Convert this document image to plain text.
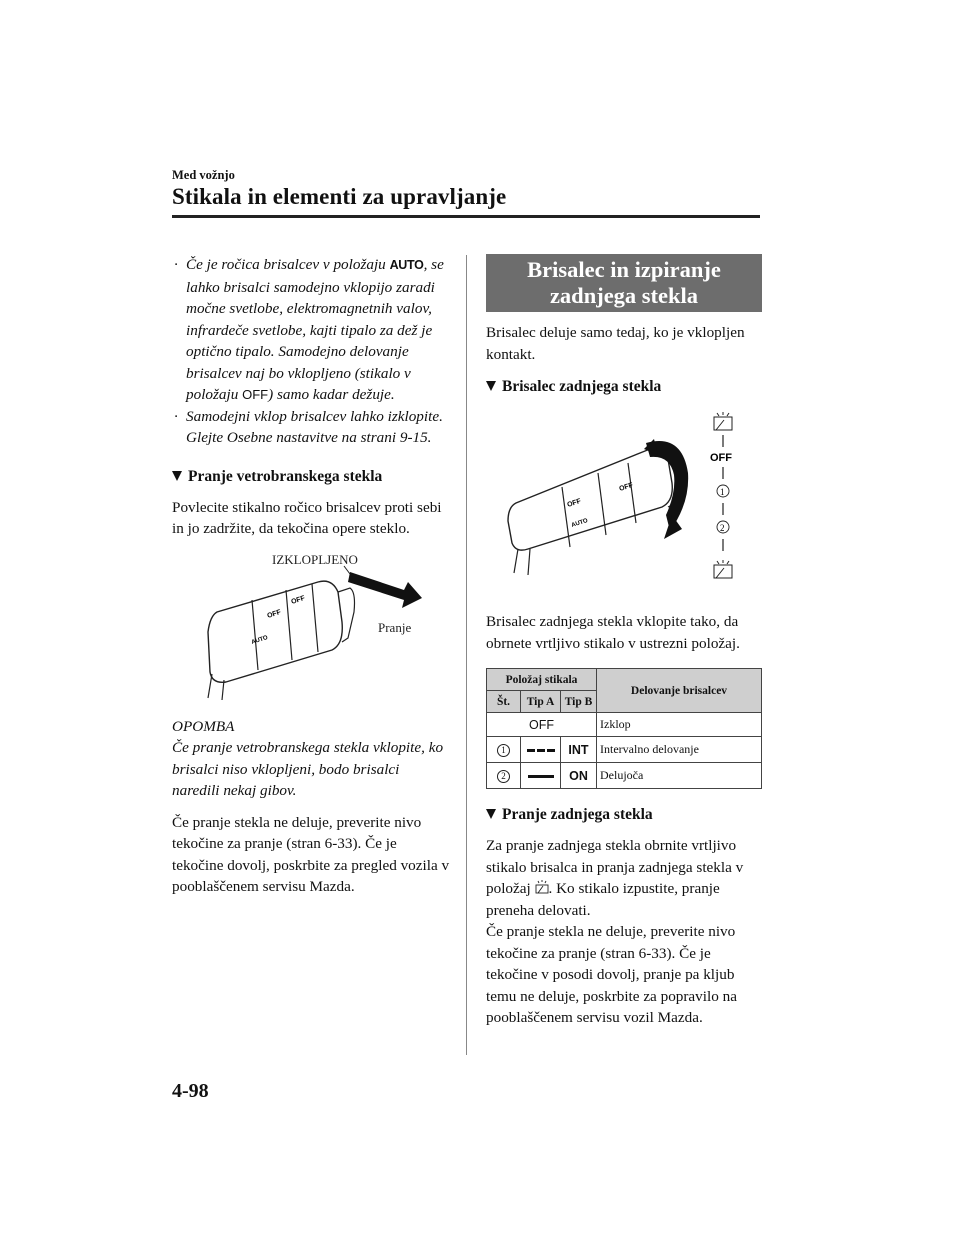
Med vožnjo
Stikala in elementi za upravljanje
· Če je ročica brisalcev v položaju AUTO, se lahko brisalci samodejno vklopijo zaradi močne svetlobe, elektromagnetnih valov, infrardeče svetlobe, kajti tipalo za dež je optično tipalo. Samodejno delovanje brisalcev naj bo vklopljeno (stikalo v položaju OFF) samo kadar dežuje.
· Samodejni vklop brisalcev lahko izklopite.
Glejte Osebne nastavitve na strani 9-15.
Pranje vetrobranskega stekla
Povlecite stikalno ročico brisalcev proti sebi in jo zadržite, da tekočina opere steklo.
IZKLOPLJENO
Pranje
OFF
OFF
AUTO
OPOMBA
Če pranje vetrobranskega stekla vklopite, ko brisalci niso vklopljeni, bodo brisalci naredili nekaj gibov.
Če pranje stekla ne deluje, preverite nivo tekočine za pranje (stran 6-33). Če je tekočine dovolj, poskrbite za pregled vozila v pooblaščenem servisu Mazda.
Brisalec in izpiranje zadnjega stekla
Brisalec deluje samo tedaj, ko je vklopljen kontakt.
Brisalec zadnjega stekla
OFF
OFF
AUTO
OFF
1
2
Brisalec zadnjega stekla vklopite tako, da obrnete vrtljivo stikalo v ustrezni položaj.
Položaj stikala			Delovanje brisalcev
Št.	Tip A	Tip B	
OFF			Izklop
1		INT	Intervalno delovanje
2		ON	Delujoča
Pranje zadnjega stekla
Za pranje zadnjega stekla obrnite vrtljivo stikalo brisalca in pranja zadnjega stekla v položaj . Ko stikalo izpustite, pranje preneha delovati.
Če pranje stekla ne deluje, preverite nivo tekočine za pranje (stran 6-33). Če je tekočine v posodi dovolj, pranje pa kljub temu ne deluje, poskrbite za popravilo na pooblaščenem servisu vozil Mazda.
4-98
